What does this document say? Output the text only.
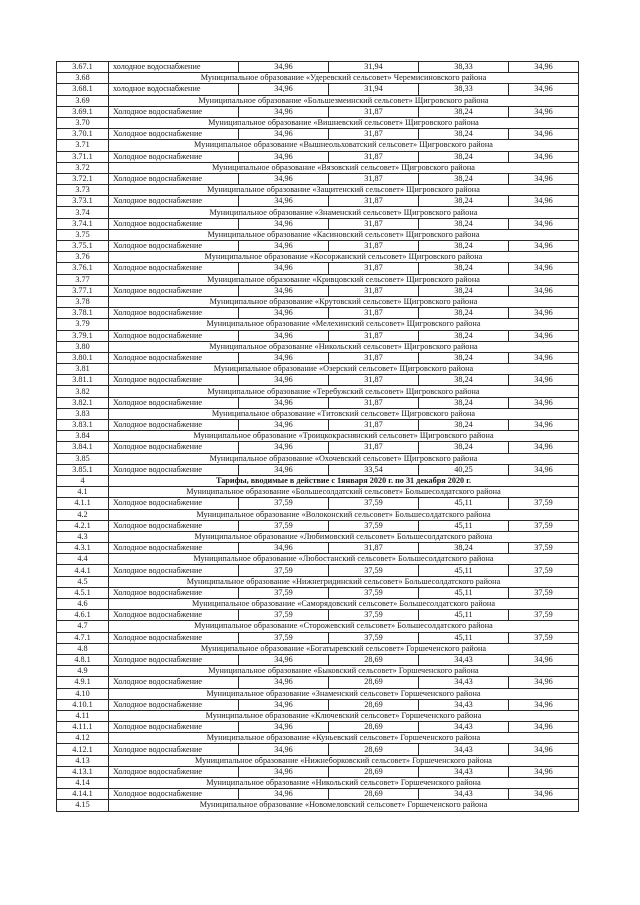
3.67.1	холодное водоснабжение	34,96	31,94	38,33	34,96
3.68	Муниципальное образование «Удеревский сельсовет» Черемисиновского района				
3.68.1	холодное водоснабжение	34,96	31,94	38,33	34,96
3.69	Муниципальное образование «Большезмеинский сельсовет» Щигровского района				
3.69.1	Холодное водоснабжение	34,96	31,87	38,24	34,96
3.70	Муниципальное образование «Вишневский сельсовет» Щигровского района				
3.70.1	Холодное водоснабжение	34,96	31,87	38,24	34,96
3.71	Муниципальное образование «Вышнеольховатский сельсовет» Щигровского района				
3.71.1	Холодное водоснабжение	34,96	31,87	38,24	34,96
3.72	Муниципальное образование «Вязовский сельсовет» Щигровского района				
3.72.1	Холодное водоснабжение	34,96	31,87	38,24	34,96
3.73	Муниципальное образование «Защитенский сельсовет» Щигровского района				
3.73.1	Холодное водоснабжение	34,96	31,87	38,24	34,96
3.74	Муниципальное образование «Знаменский сельсовет» Щигровского района				
3.74.1	Холодное водоснабжение	34,96	31,87	38,24	34,96
3.75	Муниципальное образование «Касиновский сельсовет» Щигровского района				
3.75.1	Холодное водоснабжение	34,96	31,87	38,24	34,96
3.76	Муниципальное образование «Косоржанский сельсовет» Щигровского района				
3.76.1	Холодное водоснабжение	34,96	31,87	38,24	34,96
3.77	Муниципальное образование «Кривцовский сельсовет» Щигровского района				
3.77.1	Холодное водоснабжение	34,96	31,87	38,24	34,96
3.78	Муниципальное образование «Крутовский сельсовет» Щигровского района				
3.78.1	Холодное водоснабжение	34,96	31,87	38,24	34,96
3.79	Муниципальное образование «Мелехинский сельсовет» Щигровского района				
3.79.1	Холодное водоснабжение	34,96	31,87	38,24	34,96
3.80	Муниципальное образование «Никольский сельсовет» Щигровского района				
3.80.1	Холодное водоснабжение	34,96	31,87	38,24	34,96
3.81	Муниципальное образование «Озерский сельсовет» Щигровского района				
3.81.1	Холодное водоснабжение	34,96	31,87	38,24	34,96
3.82	Муниципальное образование «Теребужский сельсовет» Щигровского района				
3.82.1	Холодное водоснабжение	34,96	31,87	38,24	34,96
3.83	Муниципальное образование «Титовский сельсовет» Щигровского района				
3.83.1	Холодное водоснабжение	34,96	31,87	38,24	34,96
3.84	Муниципальное образование «Троицкокраснянский сельсовет» Щигровского района				
3.84.1	Холодное водоснабжение	34,96	31,87	38,24	34,96
3.85	Муниципальное образование «Охочевский сельсовет» Щигровского района				
3.85.1	Холодное водоснабжение	34,96	33,54	40,25	34,96
4	Тарифы, вводимые в действие с 1января 2020 г. по 31 декабря 2020 г.				
4.1	Муниципальное образование «Большесолдатский сельсовет» Большесолдатского района				
4.1.1	Холодное водоснабжение	37,59	37,59	45,11	37,59
4.2	Муниципальное образование «Волоконский сельсовет» Большесолдатского района				
4.2.1	Холодное водоснабжение	37,59	37,59	45,11	37,59
4.3	Муниципальное образование «Любимовский сельсовет» Большесолдатского района				
4.3.1	Холодное водоснабжение	34,96	31,87	38,24	37,59
4.4	Муниципальное образование «Любостанский сельсовет» Большесолдатского района				
4.4.1	Холодное водоснабжение	37,59	37,59	45,11	37,59
4.5	Муниципальное образование «Нижнегридинский сельсовет» Большесолдатского района				
4.5.1	Холодное водоснабжение	37,59	37,59	45,11	37,59
4.6	Муниципальное образование «Саморядовский сельсовет» Большесолдатского района				
4.6.1	Холодное водоснабжение	37,59	37,59	45,11	37,59
4.7	Муниципальное образование «Сторожевский сельсовет» Большесолдатского района				
4.7.1	Холодное водоснабжение	37,59	37,59	45,11	37,59
4.8	Муниципальное образование «Богатыревский сельсовет» Горшеченского района				
4.8.1	Холодное водоснабжение	34,96	28,69	34,43	34,96
4.9	Муниципальное образование «Быковский сельсовет» Горшеченского района				
4.9.1	Холодное водоснабжение	34,96	28,69	34,43	34,96
4.10	Муниципальное образование «Знаменский сельсовет» Горшеченского района				
4.10.1	Холодное водоснабжение	34,96	28,69	34,43	34,96
4.11	Муниципальное образование «Ключевский сельсовет» Горшеченского района				
4.11.1	Холодное водоснабжение	34,96	28,69	34,43	34,96
4.12	Муниципальное образование «Куньевский сельсовет» Горшеченского района				
4.12.1	Холодное водоснабжение	34,96	28,69	34,43	34,96
4.13	Муниципальное образование «Нижнеборковский сельсовет» Горшеченского района				
4.13.1	Холодное водоснабжение	34,96	28,69	34,43	34,96
4.14	Муниципальное образование «Никольский сельсовет» Горшеченского района				
4.14.1	Холодное водоснабжение	34,96	28,69	34,43	34,96
4.15	Муниципальное образование «Новомеловский сельсовет» Горшеченского района				
